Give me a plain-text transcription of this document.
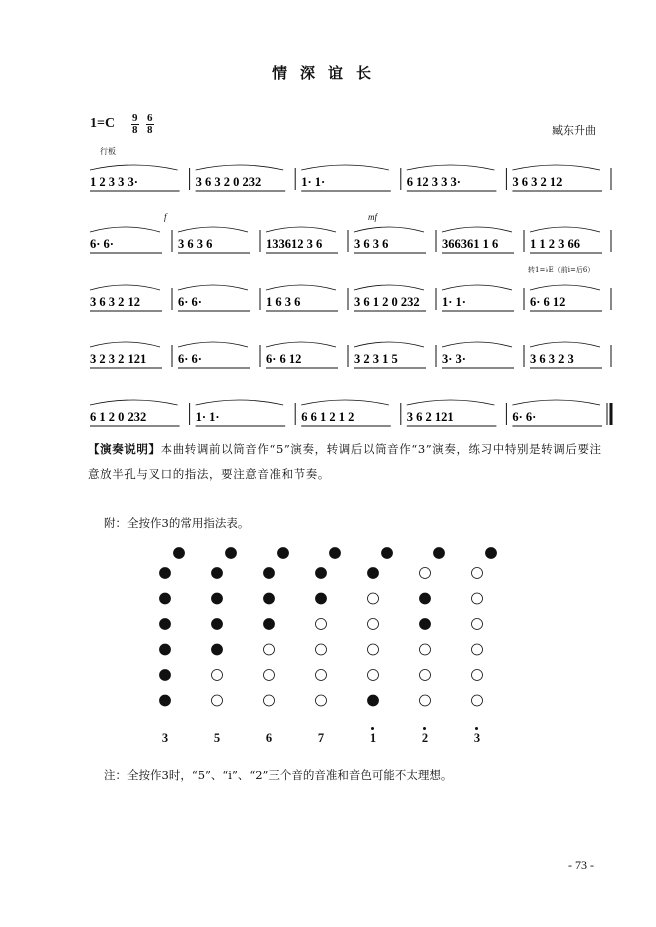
情深谊长
$1=C \frac{9}{8} \frac{6}{8}$	臧东升曲
行板
转1=♭E（前i=后6）
f	mf
1 2 3 3 3·	3 6 3 2 0 232	1· 1·	6 12 3 3 3·	3 6 3 2 12
6· 6·	3 6 3 6	133612 3 6	3 6 3 6	366361 1 6	1 1 2 3 66
3 6 3 2 12	6· 6·	1 6 3 6	3 6 1 2 0 232 1· 1·	6· 6 12
3 2 3 2 121	6· 6·	6· 6 12	3 2 3 1 5	3· 3·	3 6 3 2 3
6 1 2 0 232	1· 1·	6 6 1 2 1 2	3 6 2 121	6· 6·
【演奏说明】本曲转调前以筒音作“5”演奏，转调后以筒音作“3”演奏，练习中特别是转调后要注意放半孔与叉口的指法，要注意音准和节奏。
附：全按作3的常用指法表。
3	5	6	7	1	2	3
注：全按作3时，“5”、“i”、“2”三个音的音准和音色可能不太理想。
- 73 -
